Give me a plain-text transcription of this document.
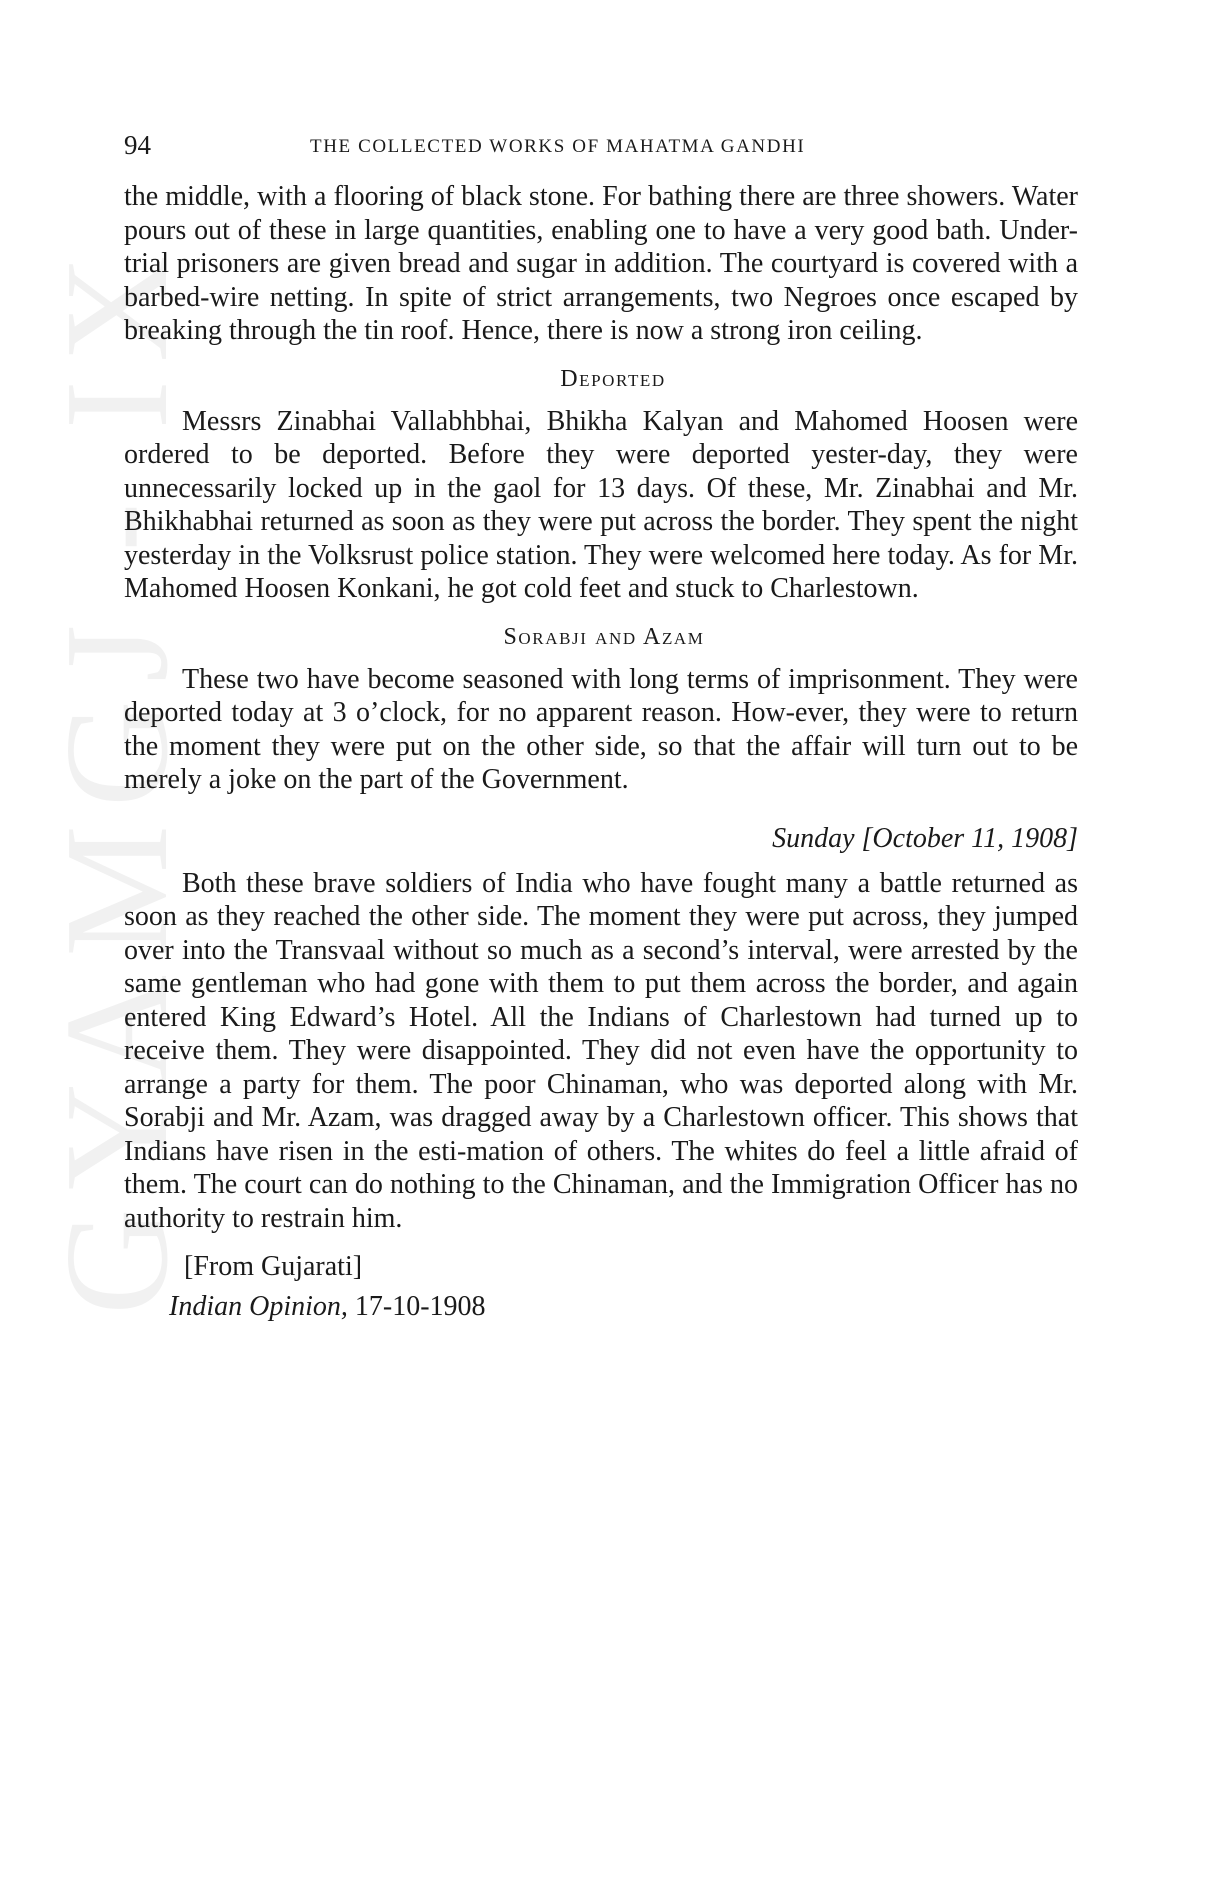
GYAMGJ - IX
94	THE COLLECTED WORKS OF MAHATMA GANDHI

the middle, with a flooring of black stone. For bathing there are three showers. Water pours out of these in large quantities, enabling one to have a very good bath. Under-trial prisoners are given bread and sugar in addition. The courtyard is covered with a barbed-wire netting. In spite of strict arrangements, two Negroes once escaped by breaking through the tin roof. Hence, there is now a strong iron ceiling.

Deported

Messrs Zinabhai Vallabhbhai, Bhikha Kalyan and Mahomed Hoosen were ordered to be deported. Before they were deported yester-day, they were unnecessarily locked up in the gaol for 13 days. Of these, Mr. Zinabhai and Mr. Bhikhabhai returned as soon as they were put across the border. They spent the night yesterday in the Volksrust police station. They were welcomed here today. As for Mr. Mahomed Hoosen Konkani, he got cold feet and stuck to Charlestown.

Sorabji and Azam

These two have become seasoned with long terms of imprisonment. They were deported today at 3 o’clock, for no apparent reason. How-ever, they were to return the moment they were put on the other side, so that the affair will turn out to be merely a joke on the part of the Government.

Sunday [October 11, 1908]

Both these brave soldiers of India who have fought many a battle returned as soon as they reached the other side. The moment they were put across, they jumped over into the Transvaal without so much as a second’s interval, were arrested by the same gentleman who had gone with them to put them across the border, and again entered King Edward’s Hotel. All the Indians of Charlestown had turned up to receive them. They were disappointed. They did not even have the opportunity to arrange a party for them. The poor Chinaman, who was deported along with Mr. Sorabji and Mr. Azam, was dragged away by a Charlestown officer. This shows that Indians have risen in the esti-mation of others. The whites do feel a little afraid of them. The court can do nothing to the Chinaman, and the Immigration Officer has no authority to restrain him.

[From Gujarati]
Indian Opinion, 17-10-1908
